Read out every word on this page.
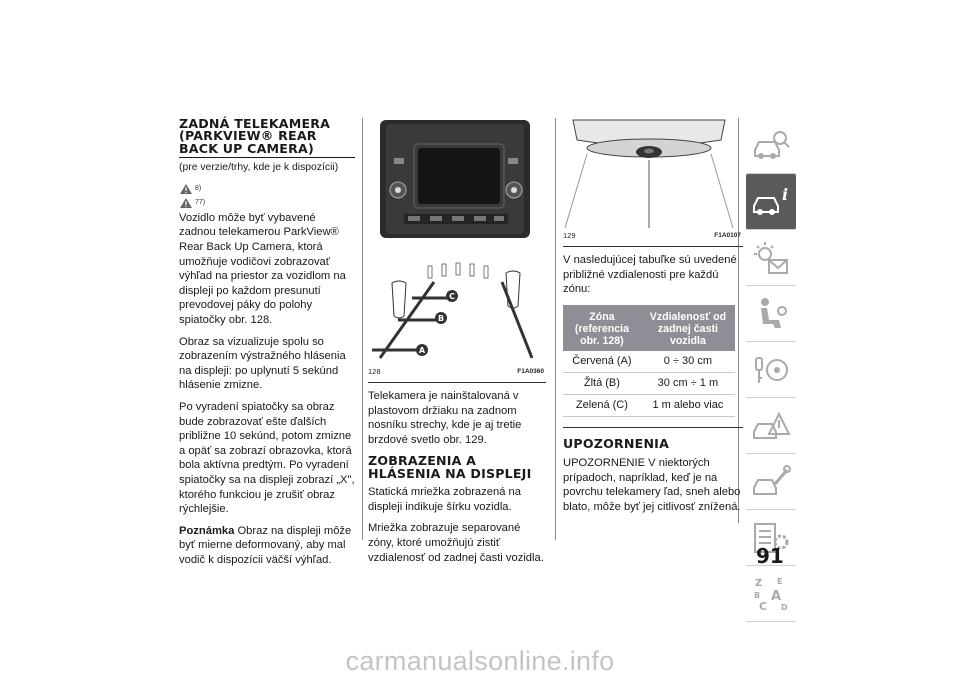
ZADNÁ TELEKAMERA (PARKVIEW® REAR BACK UP CAMERA)

(pre verzie/trhy, kde je k dispozícii)

8)
77)

Vozidlo môže byť vybavené zadnou telekamerou ParkView® Rear Back Up Camera, ktorá umožňuje vodičovi zobrazovať výhľad na priestor za vozidlom na displeji po každom presunutí prevodovej páky do polohy spiatočky obr. 128.

Obraz sa vizualizuje spolu so zobrazením výstražného hlásenia na displeji: po uplynutí 5 sekúnd hlásenie zmizne.

Po vyradení spiatočky sa obraz bude zobrazovať ešte ďalších približne 10 sekúnd, potom zmizne a opäť sa zobrazí obrazovka, ktorá bola aktívna predtým. Po vyradení spiatočky sa na displeji zobrazí „X", ktorého funkciou je zrušiť obraz rýchlejšie.

Poznámka Obraz na displeji môže byť mierne deformovaný, aby mal vodič k dispozícii väčší výhľad.

C
B
A
128	F1A0360

Telekamera je nainštalovaná v plastovom držiaku na zadnom nosníku strechy, kde je aj tretie brzdové svetlo obr. 129.

ZOBRAZENIA A HLÁSENIA NA DISPLEJI

Statická mriežka zobrazená na displeji indikuje šírku vozidla.

Mriežka zobrazuje separované zóny, ktoré umožňujú zistiť vzdialenosť od zadnej časti vozidla.

129	F1A0107

V nasledujúcej tabuľke sú uvedené približné vzdialenosti pre každú zónu:

Zóna (referencia obr. 128)	Vzdialenosť od zadnej časti vozidla
Červená (A)	0 ÷ 30 cm
Žltá (B)	30 cm ÷ 1 m
Zelená (C)	1 m alebo viac
UPOZORNENIA

UPOZORNENIE V niektorých prípadoch, napríklad, keď je na povrchu telekamery ľad, sneh alebo blato, môže byť jej citlivosť znížená.

i
Z E
B A
C D
91
carmanualsonline.info
